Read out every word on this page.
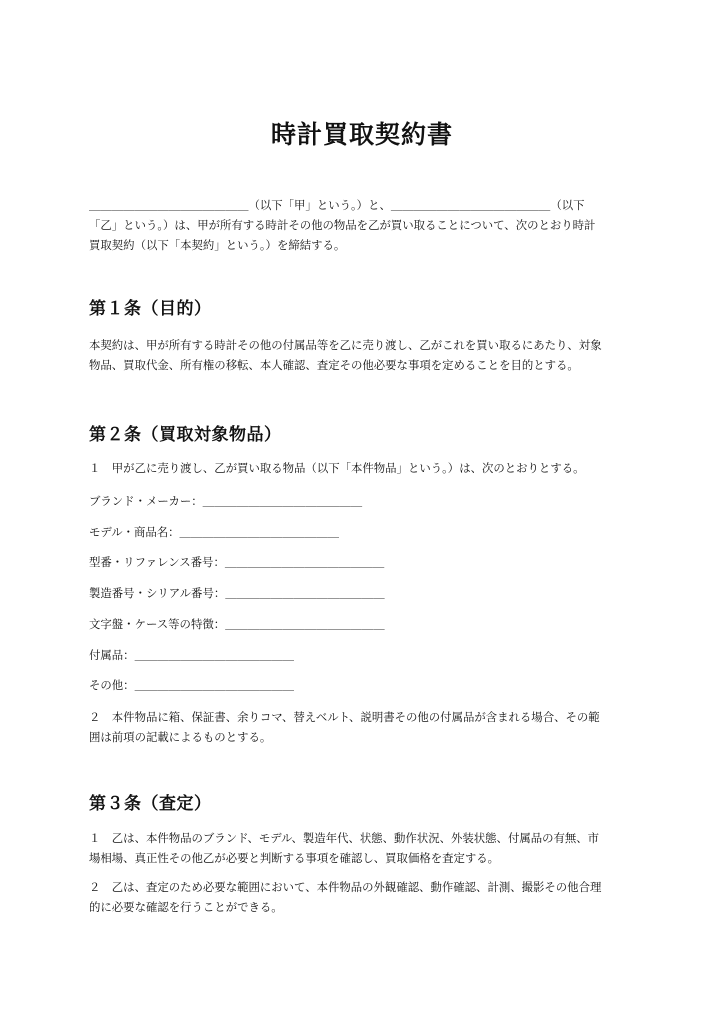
時計買取契約書
＿＿＿＿＿＿＿＿＿＿＿＿＿＿（以下「甲」という。）と、＿＿＿＿＿＿＿＿＿＿＿＿＿＿（以下
「乙」という。）は、甲が所有する時計その他の物品を乙が買い取ることについて、次のとおり時計
買取契約（以下「本契約」という。）を締結する。
第１条（目的）
本契約は、甲が所有する時計その他の付属品等を乙に売り渡し、乙がこれを買い取るにあたり、対象
物品、買取代金、所有権の移転、本人確認、査定その他必要な事項を定めることを目的とする。
第２条（買取対象物品）
１　甲が乙に売り渡し、乙が買い取る物品（以下「本件物品」という。）は、次のとおりとする。
ブランド・メーカー：＿＿＿＿＿＿＿＿＿＿＿＿＿＿
モデル・商品名：＿＿＿＿＿＿＿＿＿＿＿＿＿＿
型番・リファレンス番号：＿＿＿＿＿＿＿＿＿＿＿＿＿＿
製造番号・シリアル番号：＿＿＿＿＿＿＿＿＿＿＿＿＿＿
文字盤・ケース等の特徴：＿＿＿＿＿＿＿＿＿＿＿＿＿＿
付属品：＿＿＿＿＿＿＿＿＿＿＿＿＿＿
その他：＿＿＿＿＿＿＿＿＿＿＿＿＿＿
２　本件物品に箱、保証書、余りコマ、替えベルト、説明書その他の付属品が含まれる場合、その範
囲は前項の記載によるものとする。
第３条（査定）
１　乙は、本件物品のブランド、モデル、製造年代、状態、動作状況、外装状態、付属品の有無、市
場相場、真正性その他乙が必要と判断する事項を確認し、買取価格を査定する。
２　乙は、査定のため必要な範囲において、本件物品の外観確認、動作確認、計測、撮影その他合理
的に必要な確認を行うことができる。
